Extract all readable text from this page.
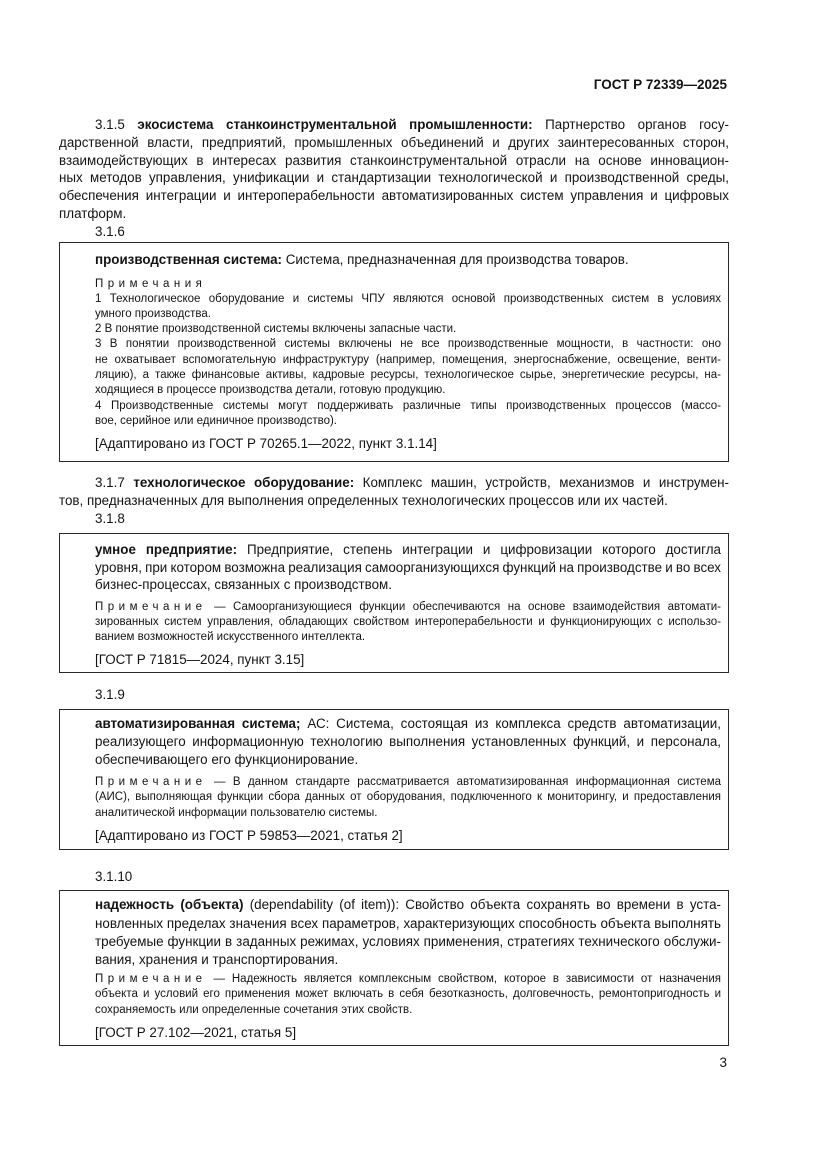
ГОСТ Р 72339—2025
3.1.5 экосистема станкоинструментальной промышленности: Партнерство органов госу-
дарственной власти, предприятий, промышленных объединений и других заинтересованных сторон,
взаимодействующих в интересах развития станкоинструментальной отрасли на основе инновацион-
ных методов управления, унификации и стандартизации технологической и производственной среды,
обеспечения интеграции и интероперабельности автоматизированных систем управления и цифровых
платформ.
3.1.6
производственная система: Система, предназначенная для производства товаров.
Примечания
1 Технологическое оборудование и системы ЧПУ являются основой производственных систем в условиях
умного производства.
2 В понятие производственной системы включены запасные части.
3 В понятии производственной системы включены не все производственные мощности, в частности: оно
не охватывает вспомогательную инфраструктуру (например, помещения, энергоснабжение, освещение, венти-
ляцию), а также финансовые активы, кадровые ресурсы, технологическое сырье, энергетические ресурсы, на-
ходящиеся в процессе производства детали, готовую продукцию.
4 Производственные системы могут поддерживать различные типы производственных процессов (массо-
вое, серийное или единичное производство).
[Адаптировано из ГОСТ Р 70265.1—2022, пункт 3.1.14]
3.1.7 технологическое оборудование: Комплекс машин, устройств, механизмов и инструмен-
тов, предназначенных для выполнения определенных технологических процессов или их частей.
3.1.8
умное предприятие: Предприятие, степень интеграции и цифровизации которого достигла
уровня, при котором возможна реализация самоорганизующихся функций на производстве и во всех
бизнес-процессах, связанных с производством.
Примечание — Самоорганизующиеся функции обеспечиваются на основе взаимодействия автомати-
зированных систем управления, обладающих свойством интероперабельности и функционирующих с использо-
ванием возможностей искусственного интеллекта.
[ГОСТ Р 71815—2024, пункт 3.15]
3.1.9
автоматизированная система; АС: Система, состоящая из комплекса средств автоматизации,
реализующего информационную технологию выполнения установленных функций, и персонала,
обеспечивающего его функционирование.
Примечание — В данном стандарте рассматривается автоматизированная информационная система
(АИС), выполняющая функции сбора данных от оборудования, подключенного к мониторингу, и предоставления
аналитической информации пользователю системы.
[Адаптировано из ГОСТ Р 59853—2021, статья 2]
3.1.10
надежность (объекта) (dependability (of item)): Свойство объекта сохранять во времени в уста-
новленных пределах значения всех параметров, характеризующих способность объекта выполнять
требуемые функции в заданных режимах, условиях применения, стратегиях технического обслужи-
вания, хранения и транспортирования.
Примечание — Надежность является комплексным свойством, которое в зависимости от назначения
объекта и условий его применения может включать в себя безотказность, долговечность, ремонтопригодность и
сохраняемость или определенные сочетания этих свойств.
[ГОСТ Р 27.102—2021, статья 5]
3
